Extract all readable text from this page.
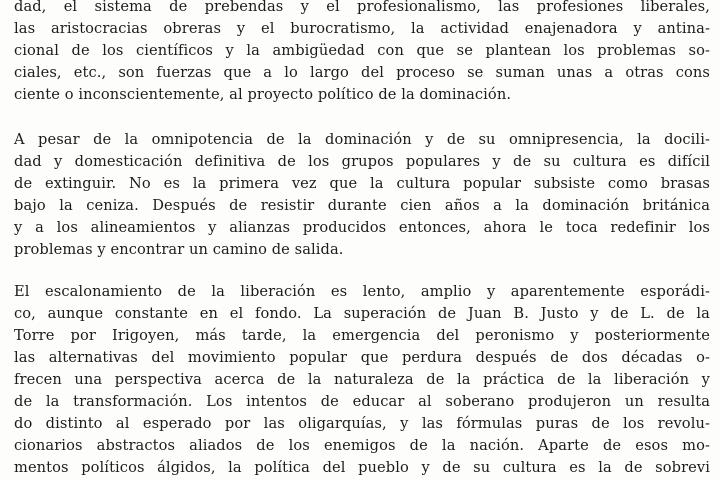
dad, el sistema de prebendas y el profesionalismo, las profesiones liberales,
las aristocracias obreras y el burocratismo, la actividad enajenadora y antina-
cional de los científicos y la ambigüedad con que se plantean los problemas so-
ciales, etc., son fuerzas que a lo largo del proceso se suman unas a otras cons
ciente o inconscientemente, al proyecto político de la dominación.
A pesar de la omnipotencia de la dominación y de su omnipresencia, la docili-
dad y domesticación definitiva de los grupos populares y de su cultura es difícil
de extinguir. No es la primera vez que la cultura popular subsiste como brasas
bajo la ceniza. Después de resistir durante cien años a la dominación británica
y a los alineamientos y alianzas producidos entonces, ahora le toca redefinir los
problemas y encontrar un camino de salida.
El escalonamiento de la liberación es lento, amplio y aparentemente esporádi-
co, aunque constante en el fondo. La superación de Juan B. Justo y de L. de la
Torre por Irigoyen, más tarde, la emergencia del peronismo y posteriormente
las alternativas del movimiento popular que perdura después de dos décadas o-
frecen una perspectiva acerca de la naturaleza de la práctica de la liberación y
de la transformación. Los intentos de educar al soberano produjeron un resulta
do distinto al esperado por las oligarquías, y las fórmulas puras de los revolu-
cionarios abstractos aliados de los enemigos de la nación. Aparte de esos mo-
mentos políticos álgidos, la política del pueblo y de su cultura es la de sobrevi
